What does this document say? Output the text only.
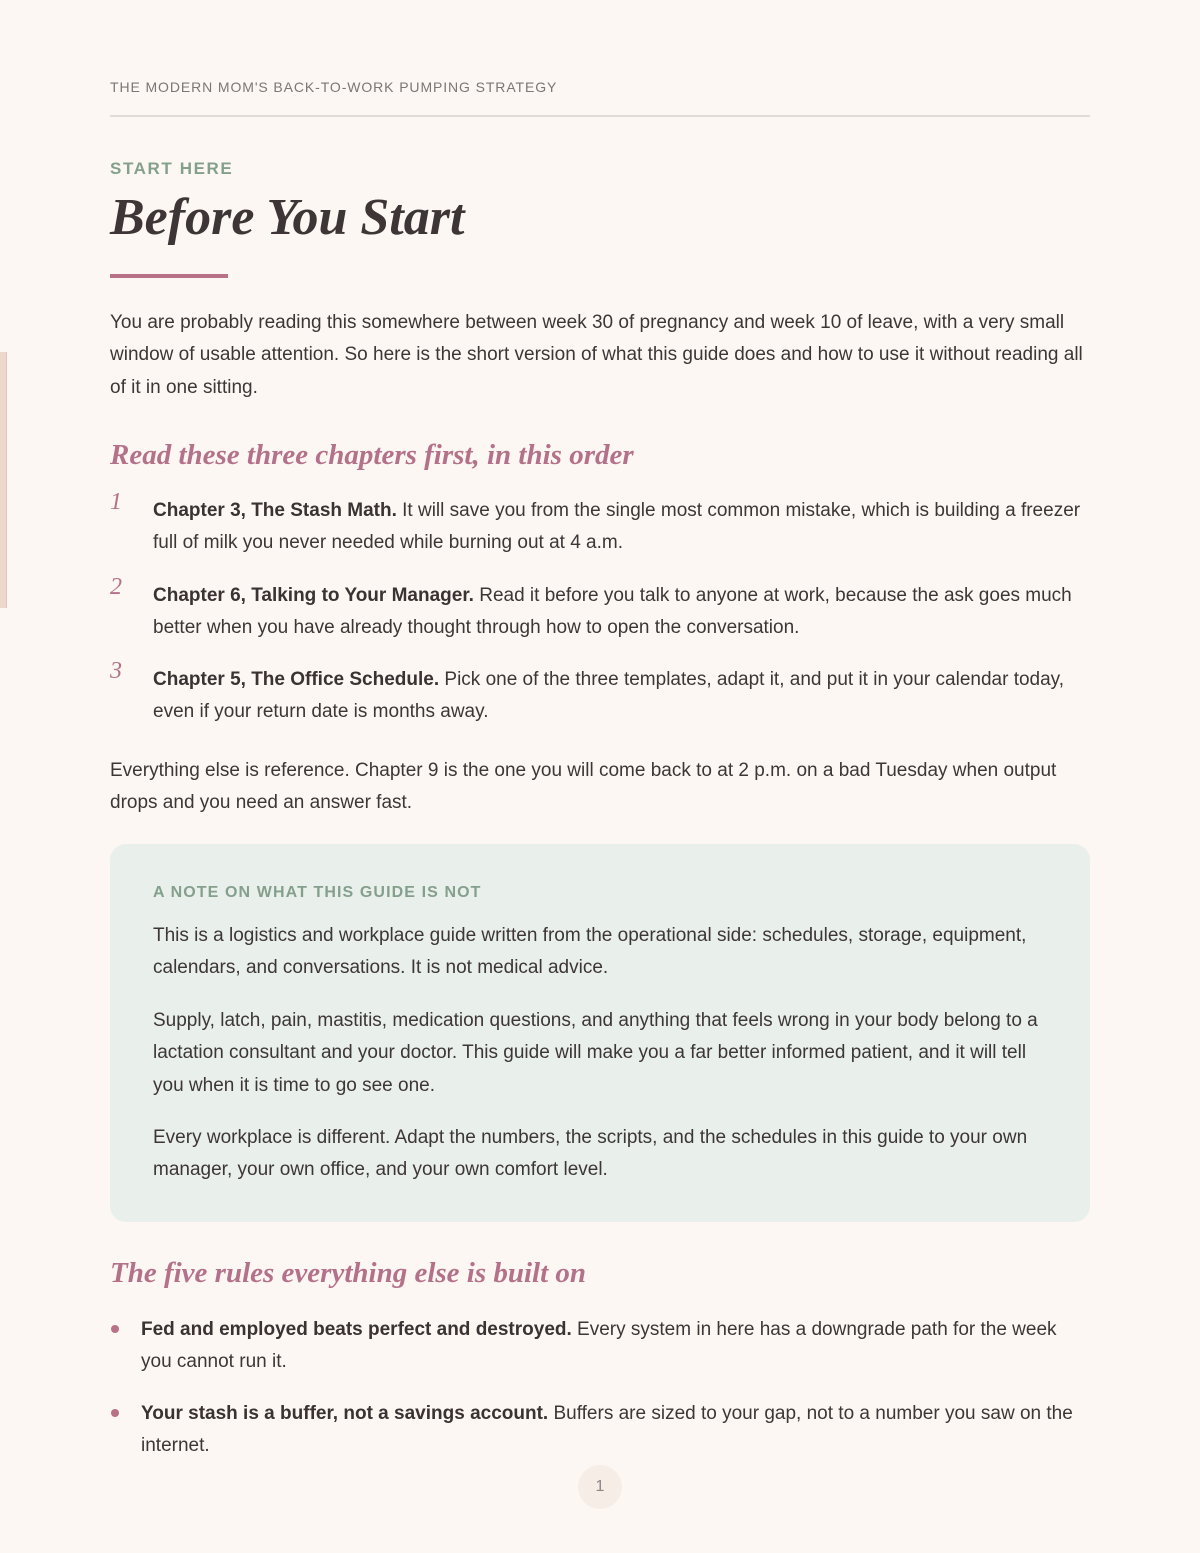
THE MODERN MOM'S BACK-TO-WORK PUMPING STRATEGY
START HERE
Before You Start

You are probably reading this somewhere between week 30 of pregnancy and week 10 of leave, with a very small window of usable attention. So here is the short version of what this guide does and how to use it without reading all of it in one sitting.

Read these three chapters first, in this order
1 Chapter 3, The Stash Math. It will save you from the single most common mistake, which is building a freezer full of milk you never needed while burning out at 4 a.m.

2 Chapter 6, Talking to Your Manager. Read it before you talk to anyone at work, because the ask goes much better when you have already thought through how to open the conversation.

3 Chapter 5, The Office Schedule. Pick one of the three templates, adapt it, and put it in your calendar today, even if your return date is months away.

Everything else is reference. Chapter 9 is the one you will come back to at 2 p.m. on a bad Tuesday when output drops and you need an answer fast.

A NOTE ON WHAT THIS GUIDE IS NOT

This is a logistics and workplace guide written from the operational side: schedules, storage, equipment, calendars, and conversations. It is not medical advice.

Supply, latch, pain, mastitis, medication questions, and anything that feels wrong in your body belong to a lactation consultant and your doctor. This guide will make you a far better informed patient, and it will tell you when it is time to go see one.

Every workplace is different. Adapt the numbers, the scripts, and the schedules in this guide to your own manager, your own office, and your own comfort level.

The five rules everything else is built on

Fed and employed beats perfect and destroyed. Every system in here has a downgrade path for the week you cannot run it.

Your stash is a buffer, not a savings account. Buffers are sized to your gap, not to a number you saw on the internet.

1
